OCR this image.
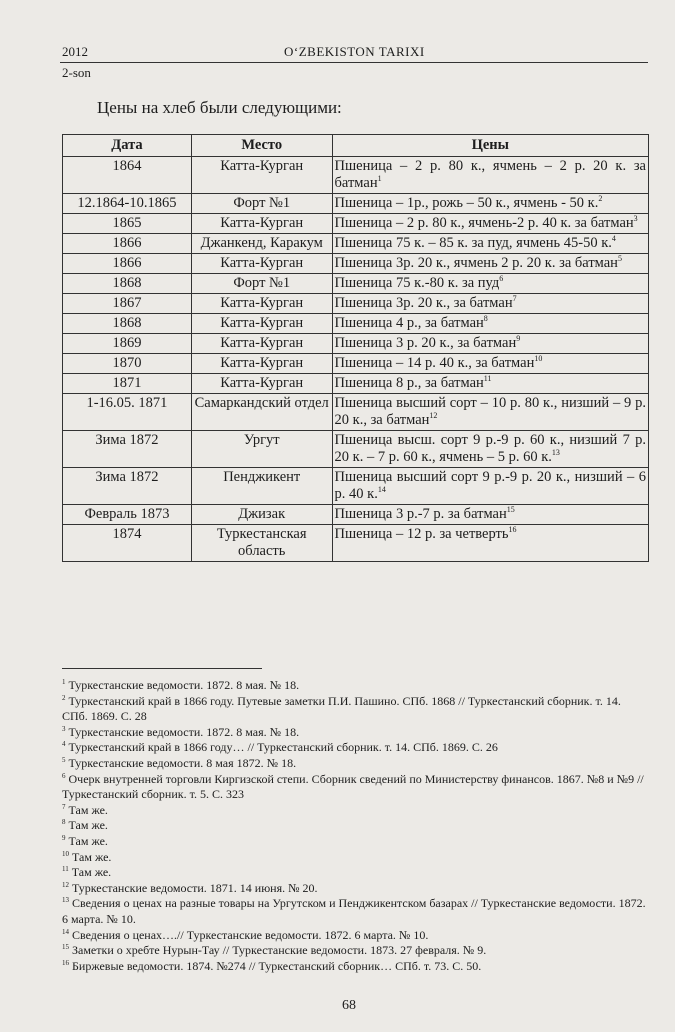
2012	O‘ZBEKISTON TARIXI
2-son
Цены на хлеб были следующими:
Дата	Место	Цены
1864	Катта-Курган	Пшеница – 2 р. 80 к., ячмень – 2 р. 20 к. за батман$^1$
12.1864-10.1865	Форт №1	Пшеница – 1р., рожь – 50 к., ячмень - 50 к.$^2$
1865	Катта-Курган	Пшеница – 2 р. 80 к., ячмень-2 р. 40 к. за батман$^3$
1866	Джанкенд, Каракум	Пшеница 75 к. – 85 к. за пуд, ячмень 45-50 к.$^4$
1866	Катта-Курган	Пшеница 3р. 20 к., ячмень 2 р. 20 к. за батман$^5$
1868	Форт №1	Пшеница 75 к.-80 к. за пуд$^6$
1867	Катта-Курган	Пшеница 3р. 20 к., за батман$^7$
1868	Катта-Курган	Пшеница 4 р., за батман$^8$
1869	Катта-Курган	Пшеница 3 р. 20 к., за батман$^9$
1870	Катта-Курган	Пшеница – 14 р. 40 к., за батман$^{10}$
1871	Катта-Курган	Пшеница 8 р., за батман$^{11}$
1-16.05. 1871	Самаркандский отдел	Пшеница высший сорт – 10 р. 80 к., низший – 9 р. 20 к., за батман$^{12}$
Зима 1872	Ургут	Пшеница высш. сорт 9 р.-9 р. 60 к., низший 7 р. 20 к. – 7 р. 60 к., ячмень – 5 р. 60 к.$^{13}$
Зима 1872	Пенджикент	Пшеница высший сорт 9 р.-9 р. 20 к., низший – 6 р. 40 к.$^{14}$
Февраль 1873	Джизак	Пшеница 3 р.-7 р. за батман$^{15}$
1874	Туркестанская область	Пшеница – 12 р. за четверть$^{16}$
$^1$ Туркестанские ведомости. 1872. 8 мая. № 18.
$^2$ Туркестанский край в 1866 году. Путевые заметки П.И. Пашино. СПб. 1868 // Туркестанский сборник. т. 14. СПб. 1869. С. 28
$^3$ Туркестанские ведомости. 1872. 8 мая. № 18.
$^4$ Туркестанский край в 1866 году… // Туркестанский сборник. т. 14. СПб. 1869. С. 26
$^5$ Туркестанские ведомости. 8 мая 1872. № 18.
$^6$ Очерк внутренней торговли Киргизской степи. Сборник сведений по Министерству финансов. 1867. №8 и №9 // Туркестанский сборник. т. 5. С. 323
$^7$ Там же.
$^8$ Там же.
$^9$ Там же.
$^{10}$ Там же.
$^{11}$ Там же.
$^{12}$ Туркестанские ведомости. 1871. 14 июня. № 20.
$^{13}$ Сведения о ценах на разные товары на Ургутском и Пенджикентском базарах // Туркестанские ведомости. 1872. 6 марта. № 10.
$^{14}$ Сведения о ценах….// Туркестанские ведомости. 1872. 6 марта. № 10.
$^{15}$ Заметки о хребте Нурын-Тау // Туркестанские ведомости. 1873. 27 февраля. № 9.
$^{16}$ Биржевые ведомости. 1874. №274 // Туркестанский сборник… СПб. т. 73. С. 50.
68
